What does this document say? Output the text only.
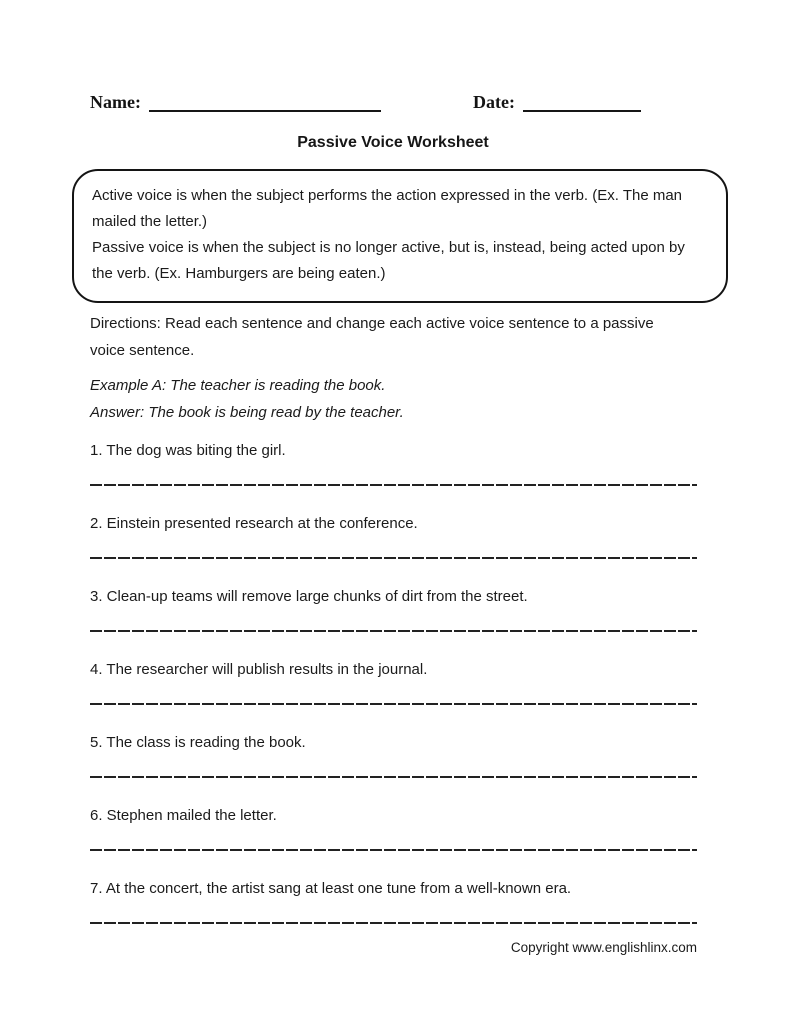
Name:	Date:
Passive Voice Worksheet

Active voice is when the subject performs the action expressed in the verb. (Ex. The man mailed the letter.)

Passive voice is when the subject is no longer active, but is, instead, being acted upon by the verb. (Ex. Hamburgers are being eaten.)

Directions: Read each sentence and change each active voice sentence to a passive voice sentence.

Example A: The teacher is reading the book.

Answer: The book is being read by the teacher.

1. The dog was biting the girl.

2. Einstein presented research at the conference.

3. Clean-up teams will remove large chunks of dirt from the street.

4. The researcher will publish results in the journal.

5. The class is reading the book.

6. Stephen mailed the letter.

7. At the concert, the artist sang at least one tune from a well-known era.

Copyright www.englishlinx.com
